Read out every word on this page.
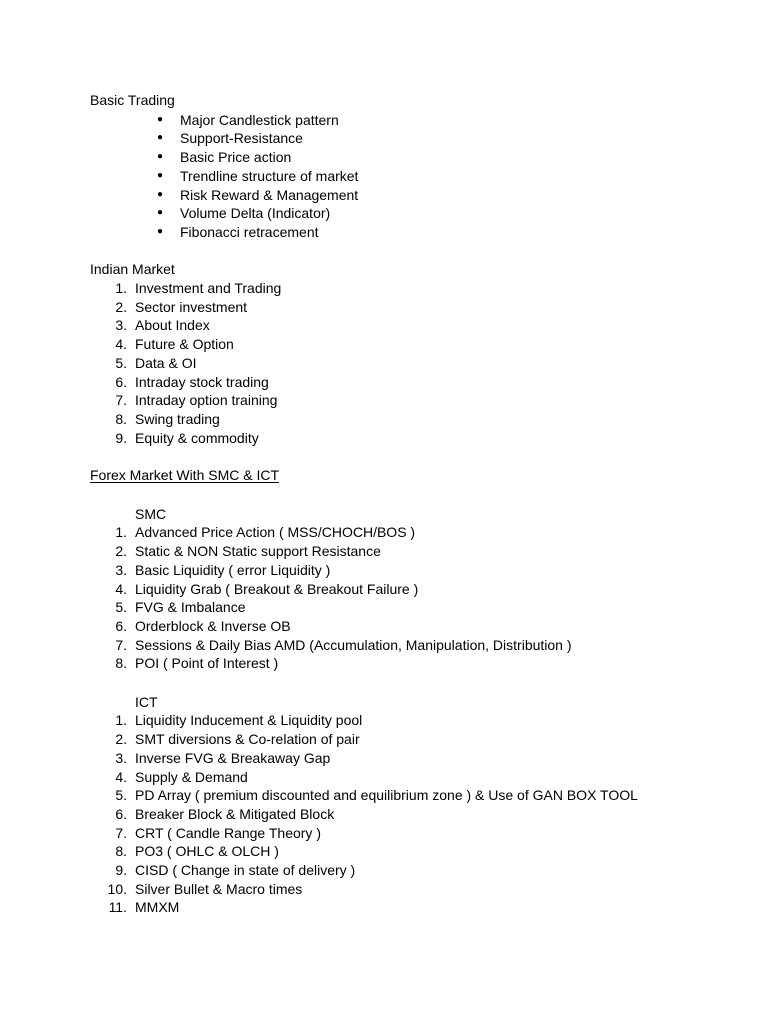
Basic Trading
● Major Candlestick pattern
● Support-Resistance
● Basic Price action
● Trendline structure of market
● Risk Reward & Management
● Volume Delta (Indicator)
● Fibonacci retracement
Indian Market
1. Investment and Trading
2. Sector investment
3. About Index
4. Future & Option
5. Data & OI
6. Intraday stock trading
7. Intraday option training
8. Swing trading
9. Equity & commodity
Forex Market With SMC & ICT
SMC
1. Advanced Price Action ( MSS/CHOCH/BOS )
2. Static & NON Static support Resistance
3. Basic Liquidity ( error Liquidity )
4. Liquidity Grab ( Breakout & Breakout Failure )
5. FVG & Imbalance
6. Orderblock & Inverse OB
7. Sessions & Daily Bias AMD (Accumulation, Manipulation, Distribution )
8. POI ( Point of Interest )
ICT
1. Liquidity Inducement & Liquidity pool
2. SMT diversions & Co-relation of pair
3. Inverse FVG & Breakaway Gap
4. Supply & Demand
5. PD Array ( premium discounted and equilibrium zone ) & Use of GAN BOX TOOL
6. Breaker Block & Mitigated Block
7. CRT ( Candle Range Theory )
8. PO3 ( OHLC & OLCH )
9. CISD ( Change in state of delivery )
10. Silver Bullet & Macro times
11. MMXM
